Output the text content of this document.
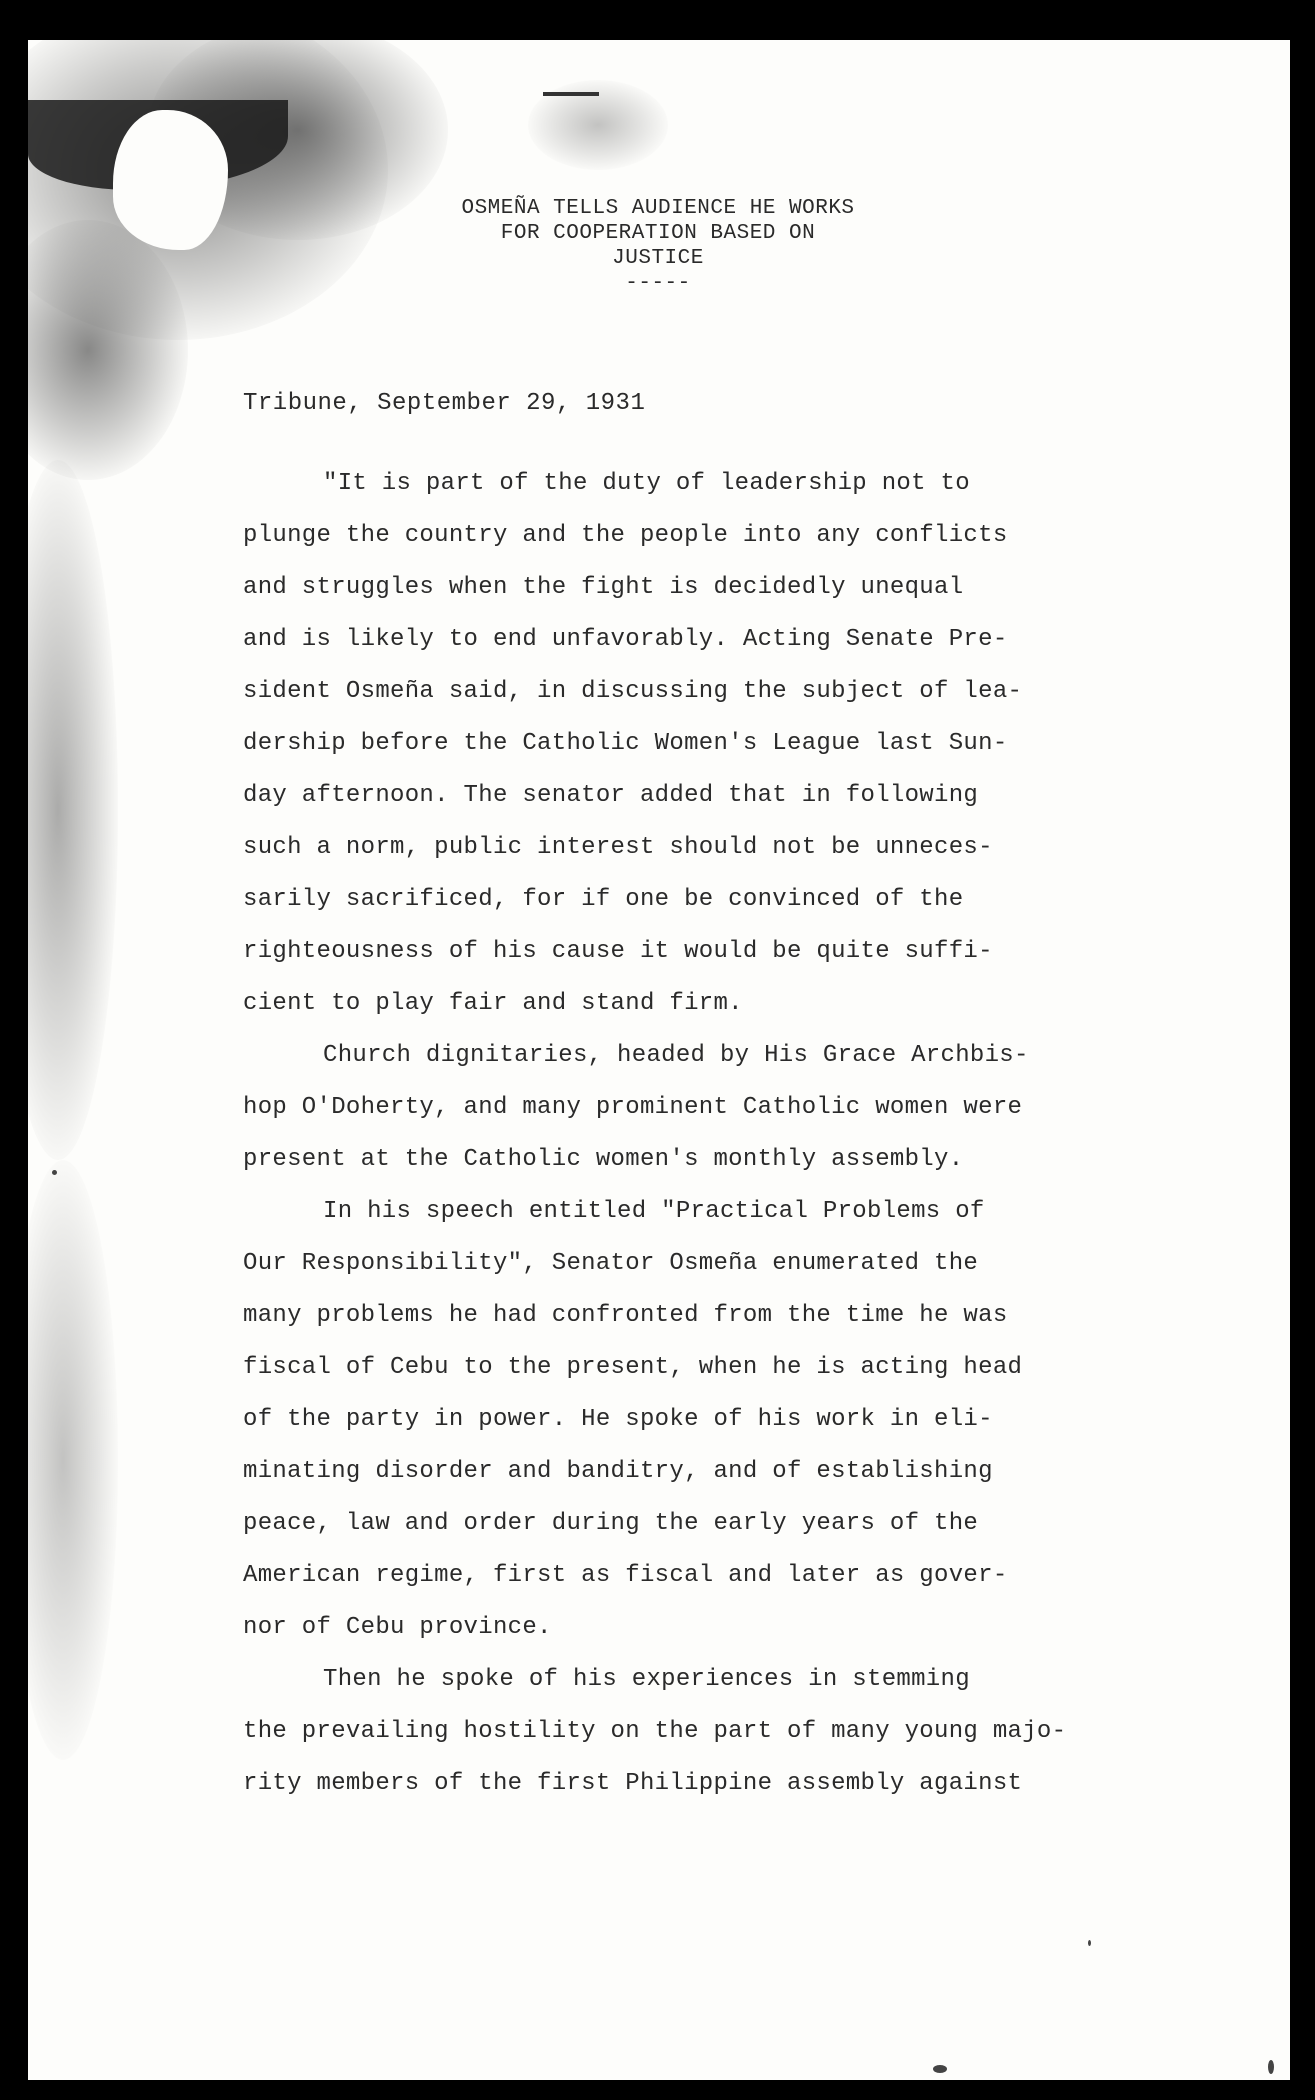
OSMEÑA TELLS AUDIENCE HE WORKS
FOR COOPERATION BASED ON
JUSTICE
-----
Tribune, September 29, 1931
"It is part of the duty of leadership not to
plunge the country and the people into any conflicts
and struggles when the fight is decidedly unequal
and is likely to end unfavorably. Acting Senate Pre-
sident Osmeña said, in discussing the subject of lea-
dership before the Catholic Women's League last Sun-
day afternoon. The senator added that in following
such a norm, public interest should not be unneces-
sarily sacrificed, for if one be convinced of the
righteousness of his cause it would be quite suffi-
cient to play fair and stand firm.
Church dignitaries, headed by His Grace Archbis-
hop O'Doherty, and many prominent Catholic women were
present at the Catholic women's monthly assembly.
In his speech entitled "Practical Problems of
Our Responsibility", Senator Osmeña enumerated the
many problems he had confronted from the time he was
fiscal of Cebu to the present, when he is acting head
of the party in power. He spoke of his work in eli-
minating disorder and banditry, and of establishing
peace, law and order during the early years of the
American regime, first as fiscal and later as gover-
nor of Cebu province.
Then he spoke of his experiences in stemming
the prevailing hostility on the part of many young majo-
rity members of the first Philippine assembly against
